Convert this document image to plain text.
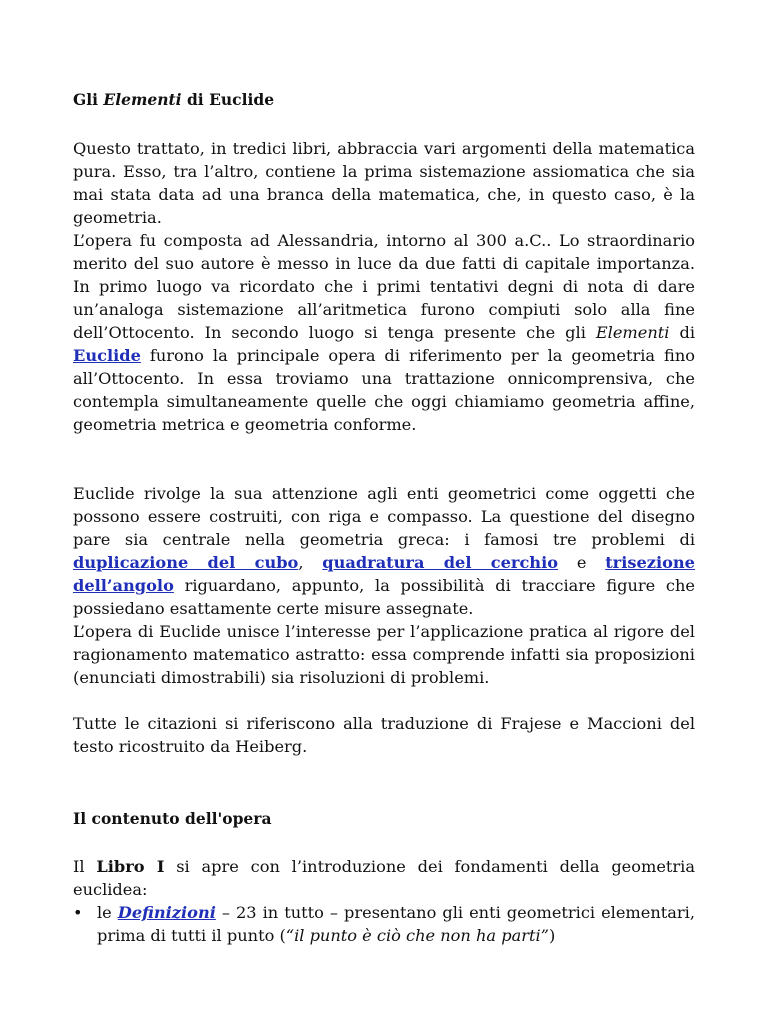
Gli Elementi di Euclide

Questo trattato, in tredici libri, abbraccia vari argomenti della matematica pura. Esso, tra l’altro, contiene la prima sistemazione assiomatica che sia mai stata data ad una branca della matematica, che, in questo caso, è la geometria.
L’opera fu composta ad Alessandria, intorno al 300 a.C.. Lo straordinario merito del suo autore è messo in luce da due fatti di capitale importanza. In primo luogo va ricordato che i primi tentativi degni di nota di dare un’analoga sistemazione all’aritmetica furono compiuti solo alla fine dell’Ottocento. In secondo luogo si tenga presente che gli Elementi di Euclide furono la principale opera di riferimento per la geometria fino all’Ottocento. In essa troviamo una trattazione onnicomprensiva, che contempla simultaneamente quelle che oggi chiamiamo geometria affine, geometria metrica e geometria conforme.

Euclide rivolge la sua attenzione agli enti geometrici come oggetti che possono essere costruiti, con riga e compasso. La questione del disegno pare sia centrale nella geometria greca: i famosi tre problemi di duplicazione del cubo, quadratura del cerchio e trisezione dell’angolo riguardano, appunto, la possibilità di tracciare figure che possiedano esattamente certe misure assegnate.
L’opera di Euclide unisce l’interesse per l’applicazione pratica al rigore del ragionamento matematico astratto: essa comprende infatti sia proposizioni (enunciati dimostrabili) sia risoluzioni di problemi.

Tutte le citazioni si riferiscono alla traduzione di Frajese e Maccioni del testo ricostruito da Heiberg.

Il contenuto dell'opera

Il Libro I si apre con l’introduzione dei fondamenti della geometria euclidea:

• le Definizioni – 23 in tutto – presentano gli enti geometrici elementari, prima di tutti il punto (“il punto è ciò che non ha parti”)
